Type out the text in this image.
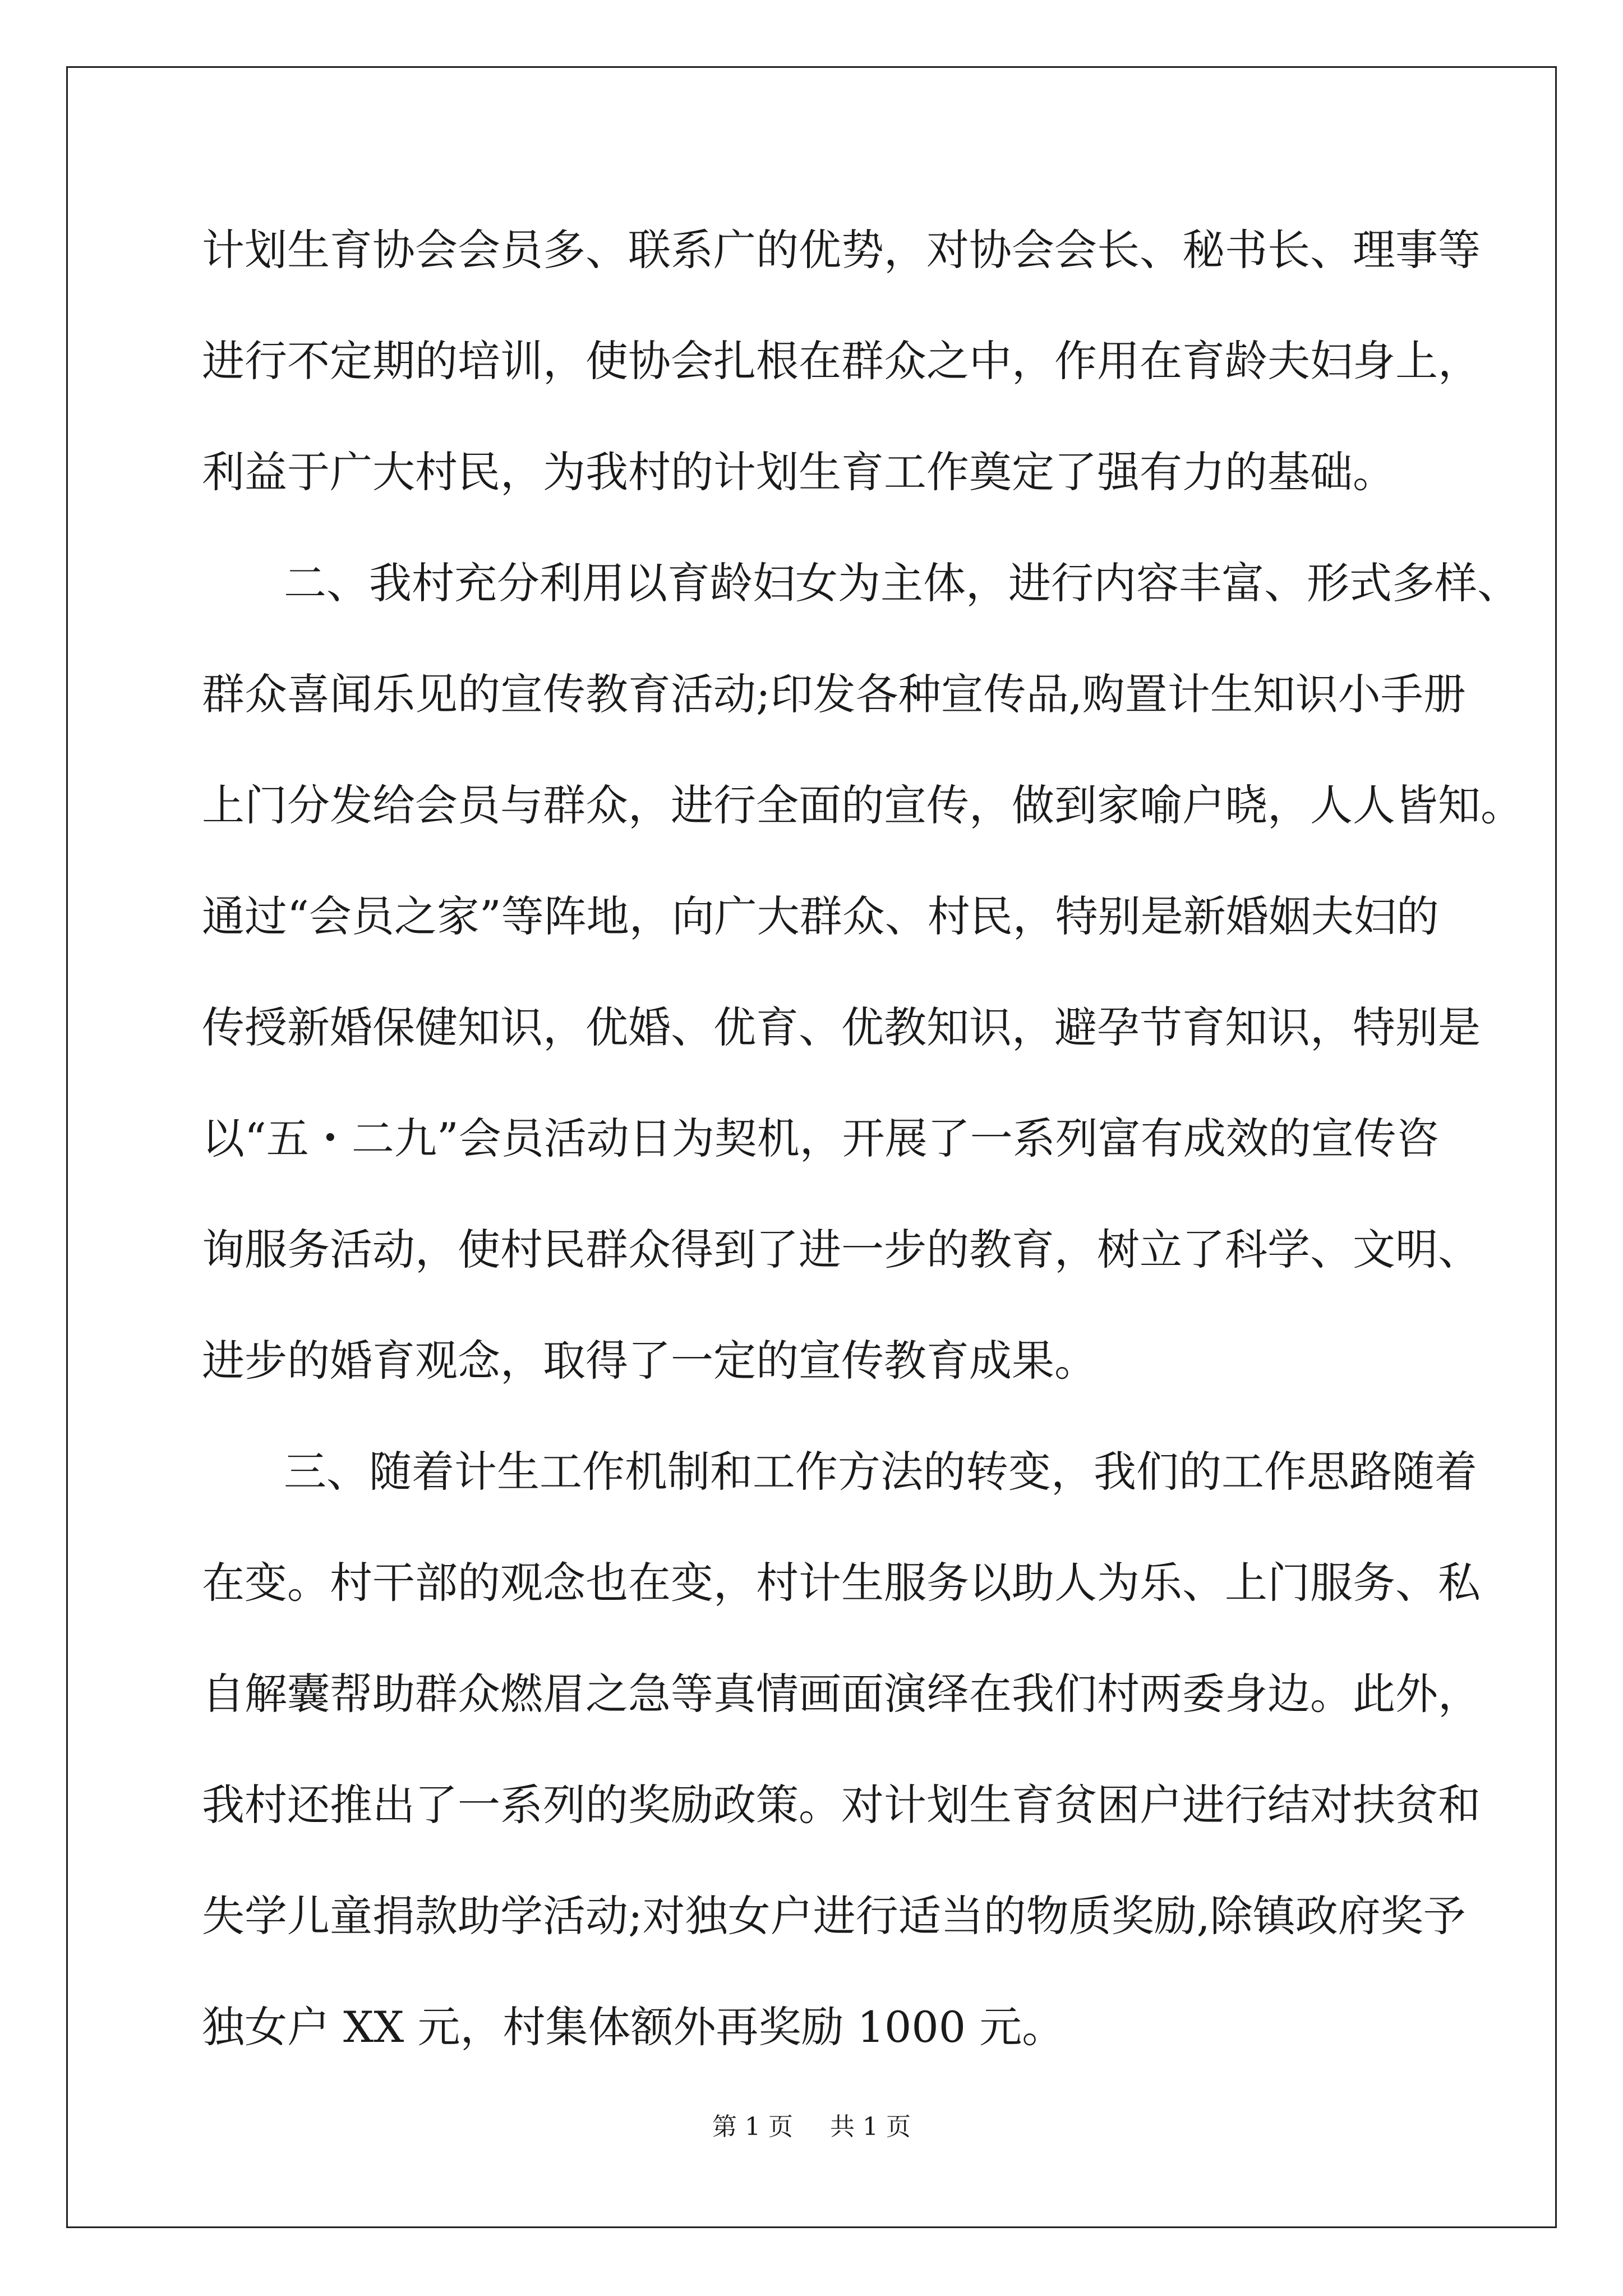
计划生育协会会员多、联系广的优势，对协会会长、秘书长、理事等
进行不定期的培训，使协会扎根在群众之中，作用在育龄夫妇身上，
利益于广大村民，为我村的计划生育工作奠定了强有力的基础。
二、我村充分利用以育龄妇女为主体，进行内容丰富、形式多样、
群众喜闻乐见的宣传教育活动;印发各种宣传品,购置计生知识小手册
上门分发给会员与群众，进行全面的宣传，做到家喻户晓，人人皆知。
通过“会员之家”等阵地，向广大群众、村民，特别是新婚姻夫妇的
传授新婚保健知识，优婚、优育、优教知识，避孕节育知识，特别是
以“五・二九”会员活动日为契机，开展了一系列富有成效的宣传咨
询服务活动，使村民群众得到了进一步的教育，树立了科学、文明、
进步的婚育观念，取得了一定的宣传教育成果。
三、随着计生工作机制和工作方法的转变，我们的工作思路随着
在变。村干部的观念也在变，村计生服务以助人为乐、上门服务、私
自解囊帮助群众燃眉之急等真情画面演绎在我们村两委身边。此外，
我村还推出了一系列的奖励政策。对计划生育贫困户进行结对扶贫和
失学儿童捐款助学活动;对独女户进行适当的物质奖励,除镇政府奖予
独女户 XX 元，村集体额外再奖励 1000 元。
第 1 页 共 1 页
